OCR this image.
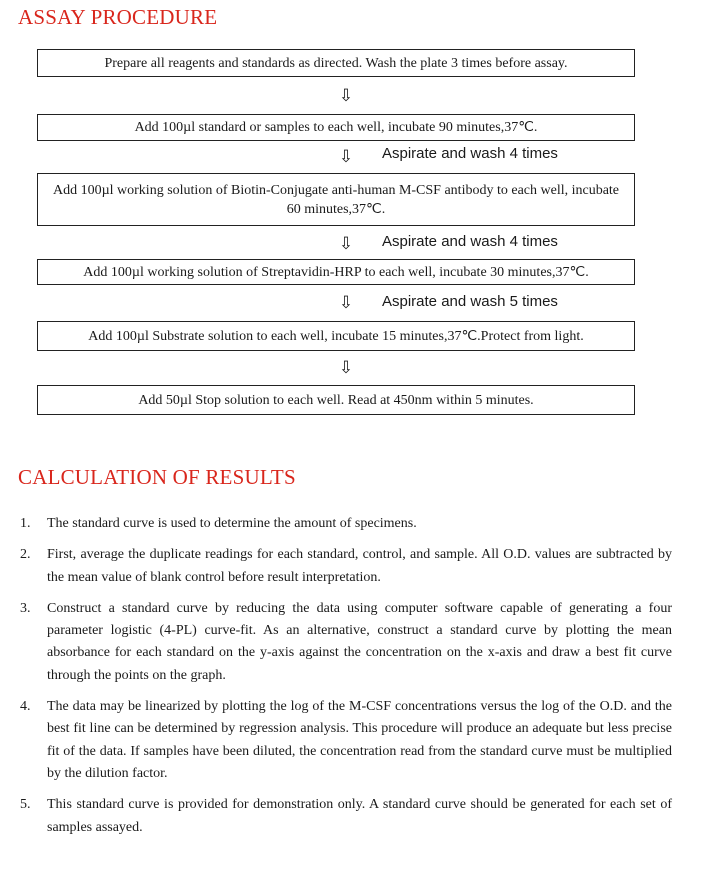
ASSAY PROCEDURE
Prepare all reagents and standards as directed. Wash the plate 3 times before assay.
⇩
Add 100µl standard or samples to each well, incubate 90 minutes,37℃.
⇩ Aspirate and wash 4 times
Add 100µl working solution of Biotin-Conjugate anti-human M-CSF antibody to each well, incubate 60 minutes,37℃.
⇩ Aspirate and wash 4 times
Add 100µl working solution of Streptavidin-HRP to each well, incubate 30 minutes,37℃.
⇩ Aspirate and wash 5 times
Add 100µl Substrate solution to each well, incubate 15 minutes,37℃.Protect from light.
⇩
Add 50µl Stop solution to each well. Read at 450nm within 5 minutes.
CALCULATION OF RESULTS
1. The standard curve is used to determine the amount of specimens.
2. First, average the duplicate readings for each standard, control, and sample. All O.D. values are subtracted by the mean value of blank control before result interpretation.
3. Construct a standard curve by reducing the data using computer software capable of generating a four parameter logistic (4-PL) curve-fit. As an alternative, construct a standard curve by plotting the mean absorbance for each standard on the y-axis against the concentration on the x-axis and draw a best fit curve through the points on the graph.
4. The data may be linearized by plotting the log of the M-CSF concentrations versus the log of the O.D. and the best fit line can be determined by regression analysis. This procedure will produce an adequate but less precise fit of the data. If samples have been diluted, the concentration read from the standard curve must be multiplied by the dilution factor.
5. This standard curve is provided for demonstration only. A standard curve should be generated for each set of samples assayed.
